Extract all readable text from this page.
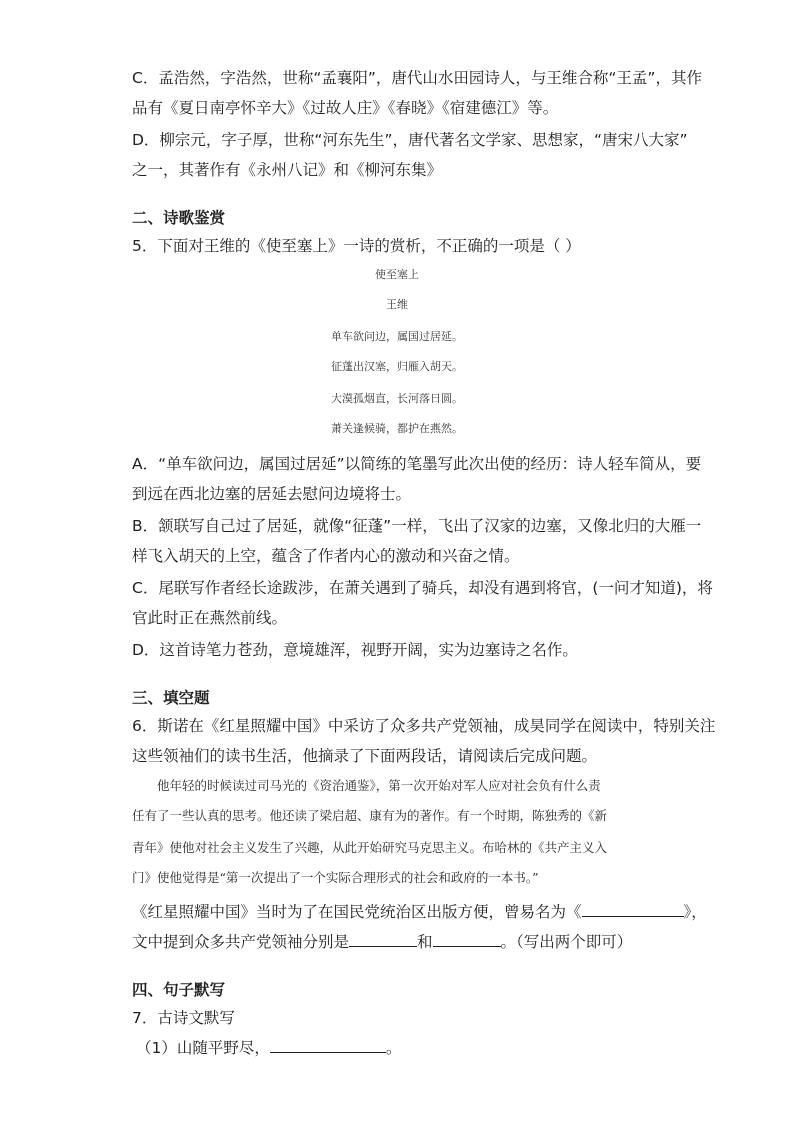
C．孟浩然，字浩然，世称“孟襄阳”，唐代山水田园诗人，与王维合称“王孟”，其作
品有《夏日南亭怀辛大》《过故人庄》《春晓》《宿建德江》等。
D．柳宗元，字子厚，世称“河东先生”，唐代著名文学家、思想家，“唐宋八大家”
之一，其著作有《永州八记》和《柳河东集》
二、诗歌鉴赏
5．下面对王维的《使至塞上》一诗的赏析，不正确的一项是（ ）
使至塞上
王维
单车欲问边，属国过居延。
征蓬出汉塞，归雁入胡天。
大漠孤烟直，长河落日圆。
萧关逢候骑，都护在燕然。
A．“单车欲问边，属国过居延”以简练的笔墨写此次出使的经历：诗人轻车简从，要
到远在西北边塞的居延去慰问边境将士。
B．颔联写自己过了居延，就像“征蓬”一样，飞出了汉家的边塞，又像北归的大雁一
样飞入胡天的上空，蕴含了作者内心的激动和兴奋之情。
C．尾联写作者经长途跋涉，在萧关遇到了骑兵，却没有遇到将官，(一问才知道)，将
官此时正在燕然前线。
D．这首诗笔力苍劲，意境雄浑，视野开阔，实为边塞诗之名作。
三、填空题
6．斯诺在《红星照耀中国》中采访了众多共产党领袖，成昊同学在阅读中，特别关注
这些领袖们的读书生活，他摘录了下面两段话，请阅读后完成问题。
他年轻的时候读过司马光的《资治通鉴》，第一次开始对军人应对社会负有什么责
任有了一些认真的思考。他还读了梁启超、康有为的著作。有一个时期，陈独秀的《新
青年》使他对社会主义发生了兴趣，从此开始研究马克思主义。布哈林的《共产主义入
门》使他觉得是“第一次提出了一个实际合理形式的社会和政府的一本书。”
《红星照耀中国》当时为了在国民党统治区出版方便，曾易名为《	》，
文中提到众多共产党领袖分别是	和	。（写出两个即可）
四、句子默写
7．古诗文默写
（1）山随平野尽，	。
